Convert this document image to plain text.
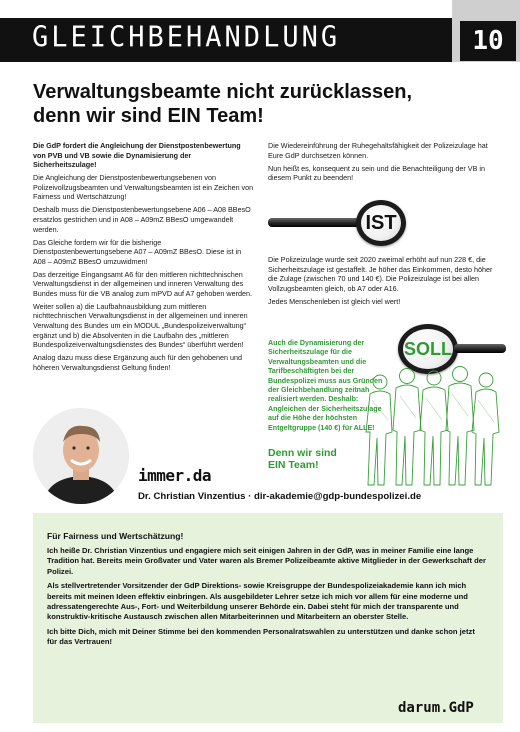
GLEICHBEHANDLUNG	10
Verwaltungsbeamte nicht zurücklassen,
denn wir sind EIN Team!

Die GdP fordert die Angleichung der Dienstpostenbewertung von PVB und VB sowie die Dynamisierung der Sicherheitszulage!

Die Angleichung der Dienstpostenbewertungsebenen von Polizeivollzugsbeamten und Verwaltungsbeamten ist ein Zeichen von Fairness und Wertschätzung!

Deshalb muss die Dienstpostenbewertungsebene A06 – A08 BBesO ersatzlos gestrichen und in A08 – A09mZ BBesO umgewandelt werden.

Das Gleiche fordern wir für die bisherige Dienstpostenbewertungsebene A07 – A09mZ BBesO. Diese ist in A08 – A09mZ BBesO umzuwidmen!

Das derzeitige Eingangsamt A6 für den mittleren nichttechnischen Verwaltungsdienst in der allgemeinen und inneren Verwaltung des Bundes muss für die VB analog zum mPVD auf A7 gehoben werden.

Weiter sollen a) die Laufbahnausbildung zum mittleren nichttechnischen Verwaltungsdienst in der allgemeinen und inneren Verwaltung des Bundes um ein MODUL „Bundespolizeiverwaltung“ ergänzt und b) die Absolventen in die Laufbahn des „mittleren Bundespolizeiverwaltungsdienstes des Bundes“ überführt werden!

Analog dazu muss diese Ergänzung auch für den gehobenen und höheren Verwaltungsdienst Geltung finden!

Die Wiedereinführung der Ruhegehaltsfähigkeit der Polizeizulage hat Eure GdP durchsetzen können.

Nun heißt es, konsequent zu sein und die Benachteiligung der VB in diesem Punkt zu beenden!

IST

Die Polizeizulage wurde seit 2020 zweimal erhöht auf nun 228 €, die Sicherheitszulage ist gestaffelt. Je höher das Einkommen, desto höher die Zulage (zwischen 70 und 140 €). Die Polizeizulage ist bei allen Vollzugsbeamten gleich, ob A7 oder A16.

Jedes Menschenleben ist gleich viel wert!

SOLL
Auch die Dynamisierung der Sicherheitszulage für die Verwaltungsbeamten und die Tarifbeschäftigten bei der Bundespolizei muss aus Gründen der Gleichbehandlung zeitnah realisiert werden. Deshalb: Angleichen der Sicherheitszulage auf die Höhe der höchsten Entgeltgruppe (140 €) für ALLE!
Denn wir sind
EIN Team!
immer.da
Dr. Christian Vinzentius · dir-akademie@gdp-bundespolizei.de
Für Fairness und Wertschätzung!

Ich heiße Dr. Christian Vinzentius und engagiere mich seit einigen Jahren in der GdP, was in meiner Familie eine lange Tradition hat. Bereits mein Großvater und Vater waren als Bremer Polizeibeamte aktive Mitglieder in der Gewerkschaft der Polizei.

Als stellvertretender Vorsitzender der GdP Direktions- sowie Kreisgruppe der Bundespolizeiakademie kann ich mich bereits mit meinen Ideen effektiv einbringen. Als ausgebildeter Lehrer setze ich mich vor allem für eine moderne und adressatengerechte Aus-, Fort- und Weiterbildung unserer Behörde ein. Dabei steht für mich der transparente und konstruktiv-kritische Austausch zwischen allen Mitarbeiterinnen und Mitarbeitern an oberster Stelle.

Ich bitte Dich, mich mit Deiner Stimme bei den kommenden Personalratswahlen zu unterstützen und danke schon jetzt für das Vertrauen!

darum.GdP
